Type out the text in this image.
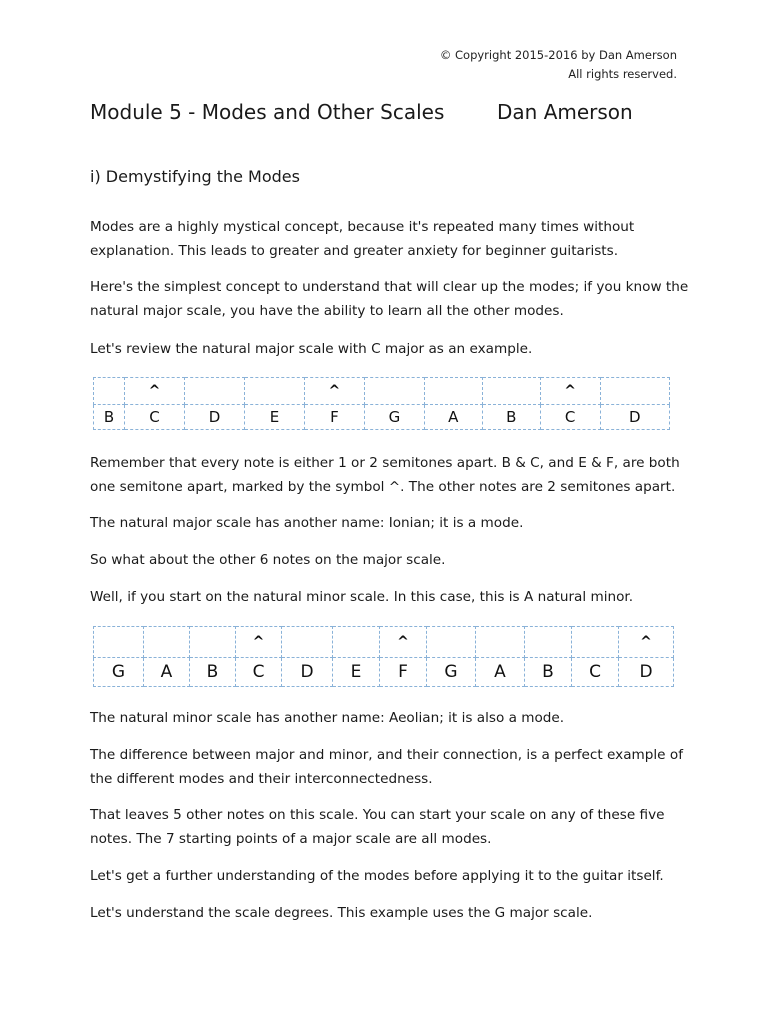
© Copyright 2015-2016 by Dan Amerson
All rights reserved.
Module 5 - Modes and Other Scales	Dan Amerson
i) Demystifying the Modes

Modes are a highly mystical concept, because it's repeated many times without explanation. This leads to greater and greater anxiety for beginner guitarists.

Here's the simplest concept to understand that will clear up the modes; if you know the natural major scale, you have the ability to learn all the other modes.

Let's review the natural major scale with C major as an example.

	^			^				^	
B	C	D	E	F	G	A	B	C	D

Remember that every note is either 1 or 2 semitones apart. B & C, and E & F, are both one semitone apart, marked by the symbol ^. The other notes are 2 semitones apart.

The natural major scale has another name: Ionian; it is a mode.

So what about the other 6 notes on the major scale.

Well, if you start on the natural minor scale. In this case, this is A natural minor.

			^			^					^
G	A	B	C	D	E	F	G	A	B	C	D

The natural minor scale has another name: Aeolian; it is also a mode.

The difference between major and minor, and their connection, is a perfect example of the different modes and their interconnectedness.

That leaves 5 other notes on this scale. You can start your scale on any of these five notes. The 7 starting points of a major scale are all modes.

Let's get a further understanding of the modes before applying it to the guitar itself.

Let's understand the scale degrees. This example uses the G major scale.
